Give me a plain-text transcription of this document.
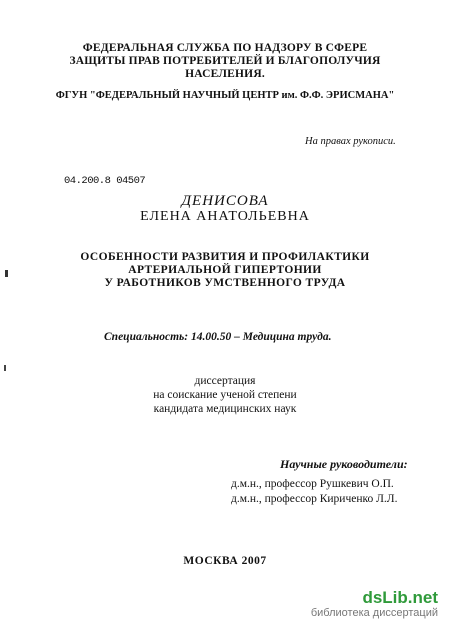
ФЕДЕРАЛЬНАЯ СЛУЖБА ПО НАДЗОРУ В СФЕРЕ
ЗАЩИТЫ ПРАВ ПОТРЕБИТЕЛЕЙ И БЛАГОПОЛУЧИЯ
НАСЕЛЕНИЯ.
ФГУН "ФЕДЕРАЛЬНЫЙ НАУЧНЫЙ ЦЕНТР им. Ф.Ф. ЭРИСМАНА"
На правах рукописи.
04.200.8 04507
ДЕНИСОВА
ЕЛЕНА АНАТОЛЬЕВНА
ОСОБЕННОСТИ РАЗВИТИЯ И ПРОФИЛАКТИКИ
АРТЕРИАЛЬНОЙ ГИПЕРТОНИИ
У РАБОТНИКОВ УМСТВЕННОГО ТРУДА
Специальность: 14.00.50 – Медицина труда.
диссертация
на соискание ученой степени
кандидата медицинских наук
Научные руководители:
д.м.н., профессор Рушкевич О.П.
д.м.н., профессор Кириченко Л.Л.
МОСКВА 2007
dsLib.net
библиотека диссертаций
